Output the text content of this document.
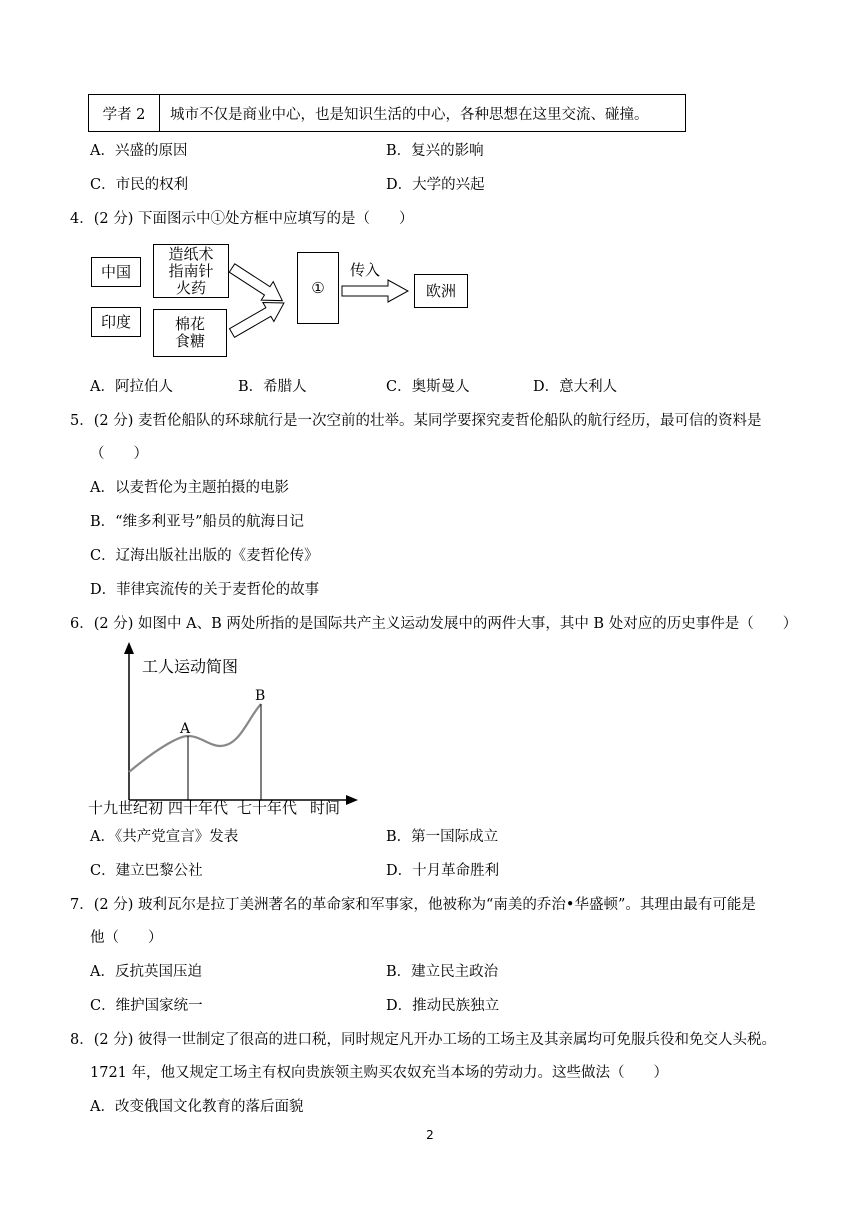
学者 2	城市不仅是商业中心，也是知识生活的中心，各种思想在这里交流、碰撞。
A．兴盛的原因	B．复兴的影响
C．市民的权利	D．大学的兴起
4．(2 分) 下面图示中①处方框中应填写的是（　　）
中国
造纸术
指南针
火药
印度	棉花
食糖
①	欧洲
传入
A．阿拉伯人	B．希腊人	C．奥斯曼人	D．意大利人
5．(2 分) 麦哲伦船队的环球航行是一次空前的壮举。某同学要探究麦哲伦船队的航行经历，最可信的资料是
（　　）
A．以麦哲伦为主题拍摄的电影
B．“维多利亚号”船员的航海日记
C．辽海出版社出版的《麦哲伦传》
D．菲律宾流传的关于麦哲伦的故事
6．(2 分) 如图中 A、B 两处所指的是国际共产主义运动发展中的两件大事，其中 B 处对应的历史事件是（　　）
工人运动简图
A
B
十九世纪初 四十年代 七十年代 时间
A．《共产党宣言》发表	B．第一国际成立
C．建立巴黎公社	D．十月革命胜利
7．(2 分) 玻利瓦尔是拉丁美洲著名的革命家和军事家，他被称为“南美的乔治•华盛顿”。其理由最有可能是
他（　　）
A．反抗英国压迫	B．建立民主政治
C．维护国家统一	D．推动民族独立
8．(2 分) 彼得一世制定了很高的进口税，同时规定凡开办工场的工场主及其亲属均可免服兵役和免交人头税。
1721 年，他又规定工场主有权向贵族领主购买农奴充当本场的劳动力。这些做法（　　）
A．改变俄国文化教育的落后面貌
2
